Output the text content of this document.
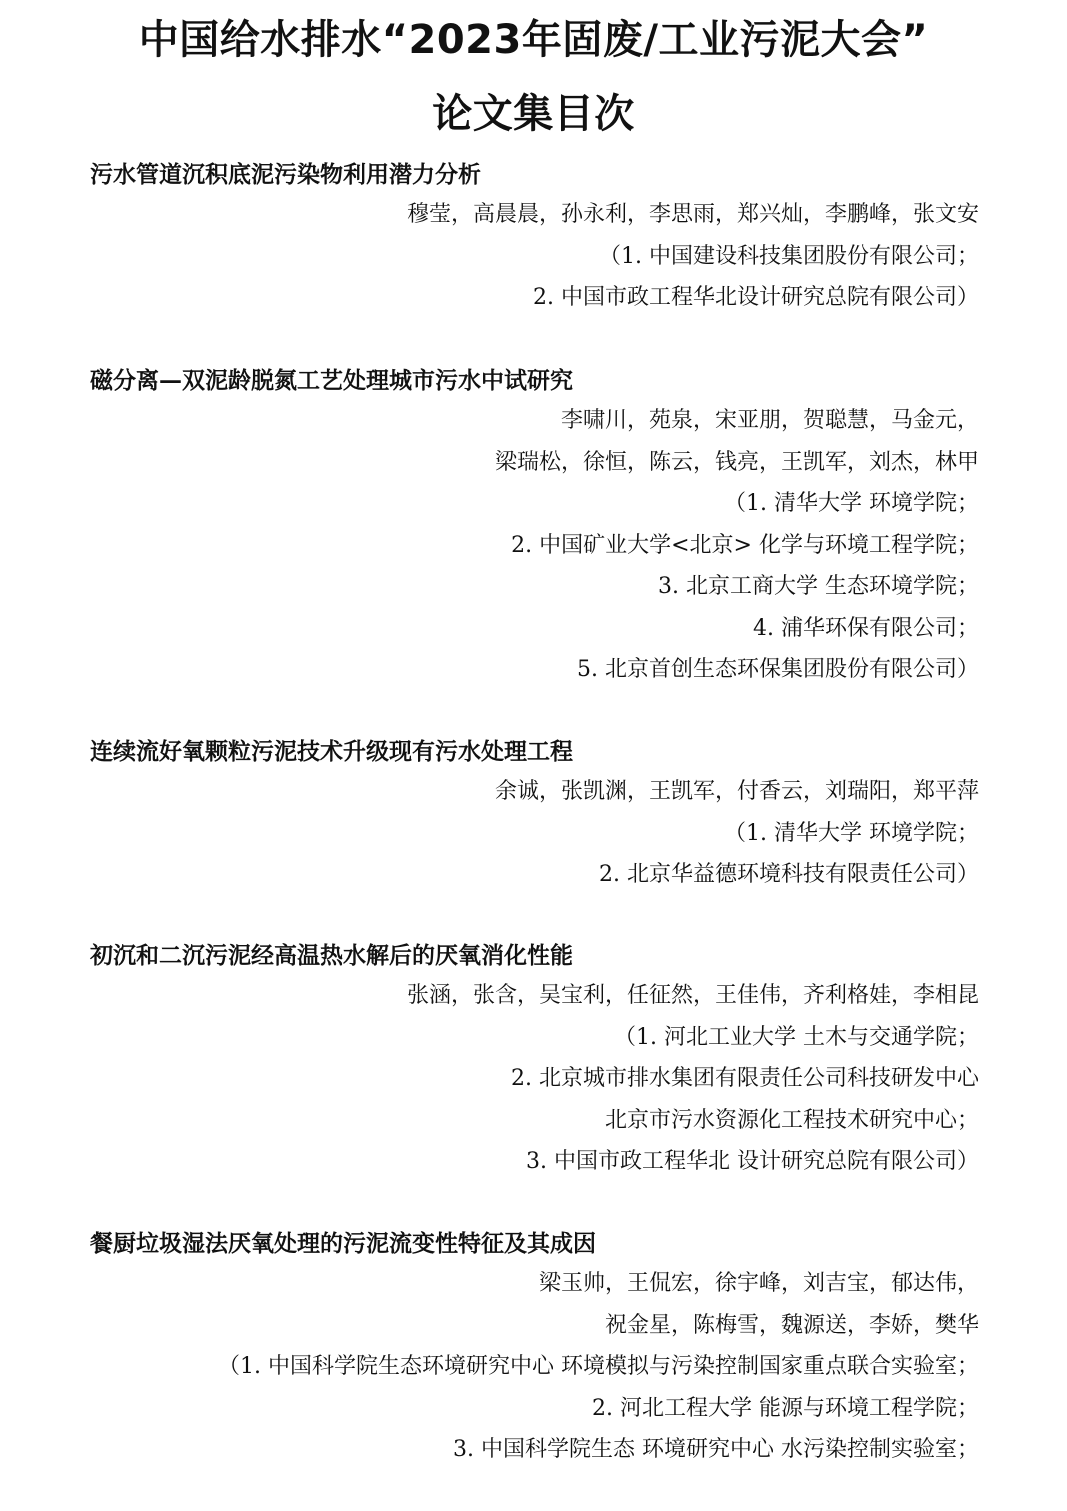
中国给水排水“2023年固废/工业污泥大会”
论文集目次
污水管道沉积底泥污染物利用潜力分析
穆莹，高晨晨，孙永利，李思雨，郑兴灿，李鹏峰，张文安
（1. 中国建设科技集团股份有限公司；
2. 中国市政工程华北设计研究总院有限公司）
磁分离—双泥龄脱氮工艺处理城市污水中试研究
李啸川，苑泉，宋亚朋，贺聪慧，马金元，
梁瑞松，徐恒，陈云，钱亮，王凯军，刘杰，林甲
（1. 清华大学 环境学院；
2. 中国矿业大学<北京> 化学与环境工程学院；
3. 北京工商大学 生态环境学院；
4. 浦华环保有限公司；
5. 北京首创生态环保集团股份有限公司）
连续流好氧颗粒污泥技术升级现有污水处理工程
余诚，张凯渊，王凯军，付香云，刘瑞阳，郑平萍
（1. 清华大学 环境学院；
2. 北京华益德环境科技有限责任公司）
初沉和二沉污泥经高温热水解后的厌氧消化性能
张涵，张含，吴宝利，任征然，王佳伟，齐利格娃，李相昆
（1. 河北工业大学 土木与交通学院；
2. 北京城市排水集团有限责任公司科技研发中心
北京市污水资源化工程技术研究中心；
3. 中国市政工程华北 设计研究总院有限公司）
餐厨垃圾湿法厌氧处理的污泥流变性特征及其成因
梁玉帅，王侃宏，徐宇峰，刘吉宝，郁达伟，
祝金星，陈梅雪，魏源送，李娇，樊华
（1. 中国科学院生态环境研究中心 环境模拟与污染控制国家重点联合实验室；
2. 河北工程大学 能源与环境工程学院；
3. 中国科学院生态 环境研究中心 水污染控制实验室；
